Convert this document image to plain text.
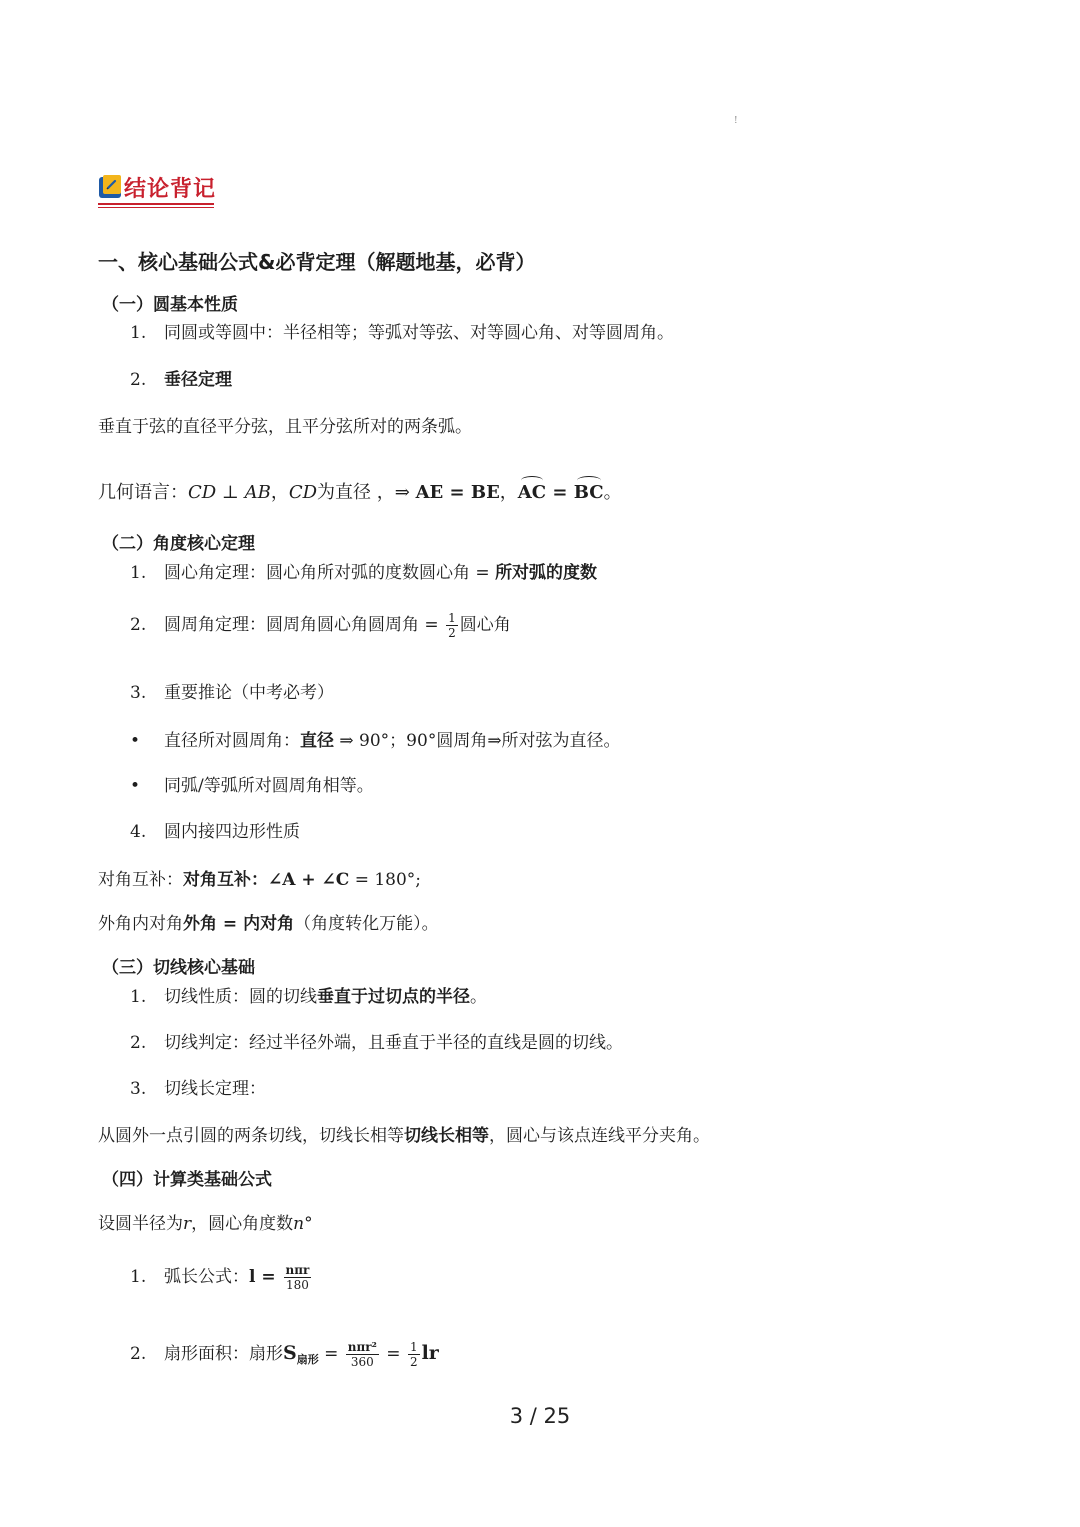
!
结论背记
一、核心基础公式&必背定理（解题地基，必背）
（一）圆基本性质
1. 同圆或等圆中：半径相等；等弧对等弦、对等圆心角、对等圆周角。
2. 垂径定理
垂直于弦的直径平分弦，且平分弦所对的两条弧。
几何语言：CD ⊥ AB，CD为直径 ，⇒ AE = BE，AC = BC。
（二）角度核心定理
1. 圆心角定理：圆心角所对弧的度数圆心角 = 所对弧的度数
2. 圆周角定理：圆周角圆心角圆周角 = $\frac{1}{2}$ 圆心角
3. 重要推论（中考必考）
• 直径所对圆周角：直径 ⇒ 90°；90°圆周角⇒所对弦为直径。
• 同弧/等弧所对圆周角相等。
4. 圆内接四边形性质
对角互补：对角互补：∠A + ∠C = 180°;
外角内对角外角 = 内对角（角度转化万能）。
（三）切线核心基础
1. 切线性质：圆的切线垂直于过切点的半径。
2. 切线判定：经过半径外端，且垂直于半径的直线是圆的切线。
3. 切线长定理：
从圆外一点引圆的两条切线，切线长相等切线长相等，圆心与该点连线平分夹角。
（四）计算类基础公式
设圆半径为r，圆心角度数n°
1. 弧长公式：$l = \frac{\text{nπr}}{180}$
2. 扇形面积：扇形$S_{扇形} = \frac{\text{nπr²}}{360} = \frac{1}{2}$ lr
3 / 25
